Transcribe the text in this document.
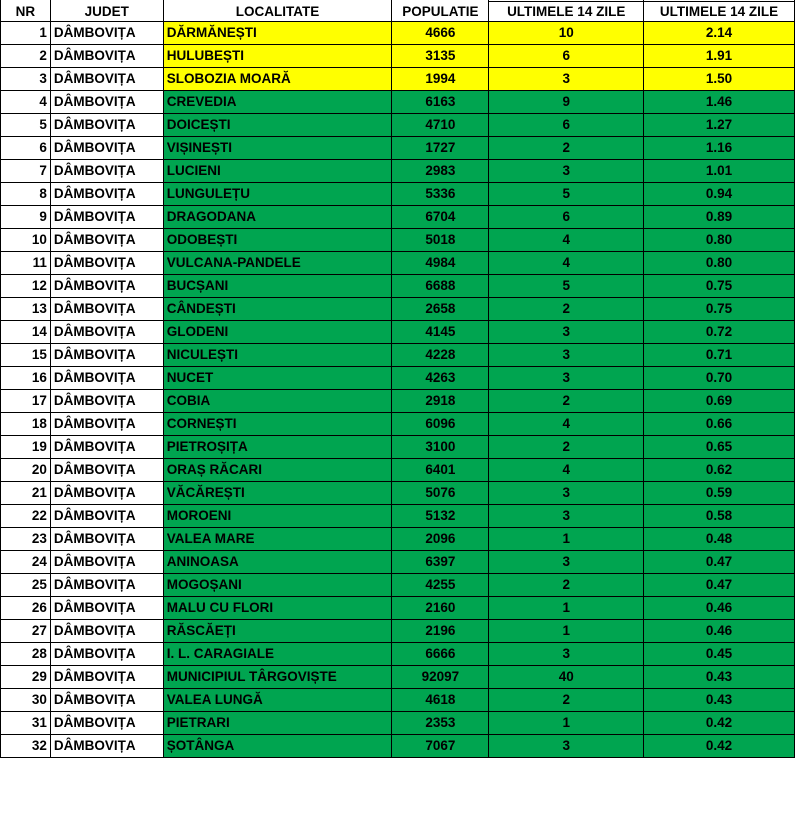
NR	JUDET	LOCALITATE	POPULATIE		
				ULTIMELE 14 ZILE	ULTIMELE 14 ZILE
1	DÂMBOVIȚA	DĂRMĂNEȘTI	4666	10	2.14
2	DÂMBOVIȚA	HULUBEȘTI	3135	6	1.91
3	DÂMBOVIȚA	SLOBOZIA MOARĂ	1994	3	1.50
4	DÂMBOVIȚA	CREVEDIA	6163	9	1.46
5	DÂMBOVIȚA	DOICEȘTI	4710	6	1.27
6	DÂMBOVIȚA	VIȘINEȘTI	1727	2	1.16
7	DÂMBOVIȚA	LUCIENI	2983	3	1.01
8	DÂMBOVIȚA	LUNGULEȚU	5336	5	0.94
9	DÂMBOVIȚA	DRAGODANA	6704	6	0.89
10	DÂMBOVIȚA	ODOBEȘTI	5018	4	0.80
11	DÂMBOVIȚA	VULCANA-PANDELE	4984	4	0.80
12	DÂMBOVIȚA	BUCȘANI	6688	5	0.75
13	DÂMBOVIȚA	CÂNDEȘTI	2658	2	0.75
14	DÂMBOVIȚA	GLODENI	4145	3	0.72
15	DÂMBOVIȚA	NICULEȘTI	4228	3	0.71
16	DÂMBOVIȚA	NUCET	4263	3	0.70
17	DÂMBOVIȚA	COBIA	2918	2	0.69
18	DÂMBOVIȚA	CORNEȘTI	6096	4	0.66
19	DÂMBOVIȚA	PIETROȘIȚA	3100	2	0.65
20	DÂMBOVIȚA	ORAȘ RĂCARI	6401	4	0.62
21	DÂMBOVIȚA	VĂCĂREȘTI	5076	3	0.59
22	DÂMBOVIȚA	MOROENI	5132	3	0.58
23	DÂMBOVIȚA	VALEA MARE	2096	1	0.48
24	DÂMBOVIȚA	ANINOASA	6397	3	0.47
25	DÂMBOVIȚA	MOGOȘANI	4255	2	0.47
26	DÂMBOVIȚA	MALU CU FLORI	2160	1	0.46
27	DÂMBOVIȚA	RĂSCĂEȚI	2196	1	0.46
28	DÂMBOVIȚA	I. L. CARAGIALE	6666	3	0.45
29	DÂMBOVIȚA	MUNICIPIUL TÂRGOVIȘTE	92097	40	0.43
30	DÂMBOVIȚA	VALEA LUNGĂ	4618	2	0.43
31	DÂMBOVIȚA	PIETRARI	2353	1	0.42
32	DÂMBOVIȚA	ȘOTÂNGA	7067	3	0.42
